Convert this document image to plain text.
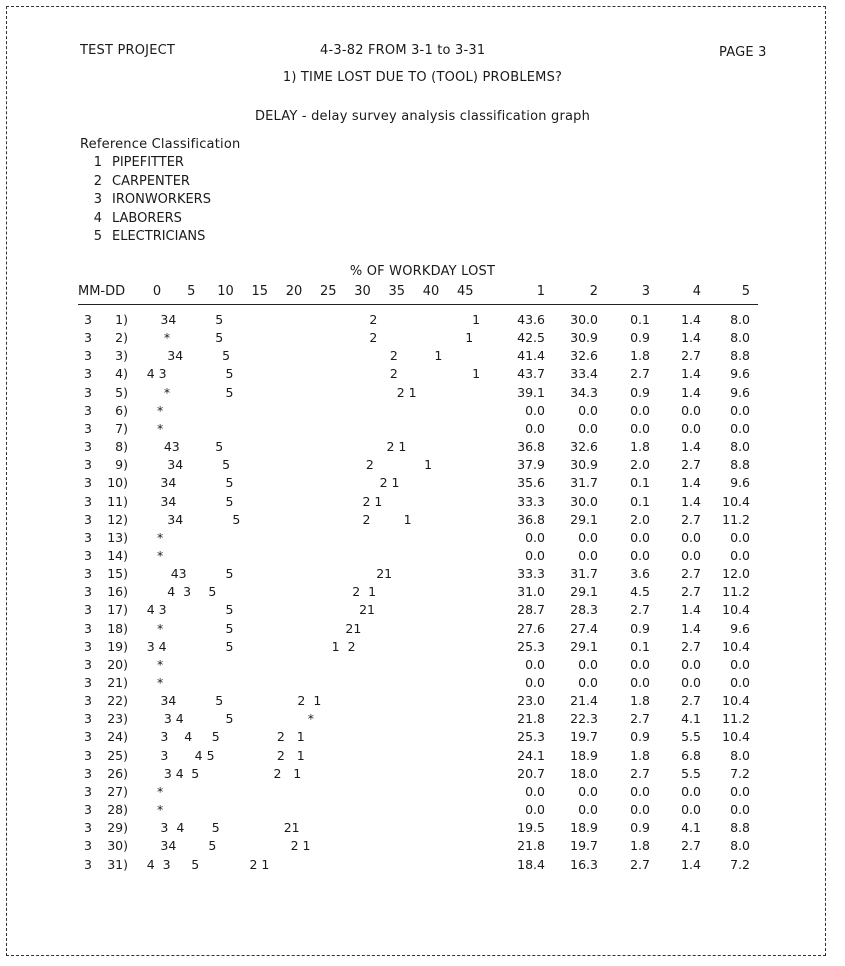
TEST PROJECT	4-3-82 FROM 3-1 to 3-31	PAGE 3
1) TIME LOST DUE TO (TOOL) PROBLEMS?
DELAY - delay survey analysis classification graph
Reference Classification
1 PIPEFITTER
2 CARPENTER
3 IRONWORKERS
4 LABORERS
5 ELECTRICIANS
% OF WORKDAY LOST
MM-DD	0	5	10 15 20 25 30 35 40 45	1	2	3	4	5
3	1)	34	5	2	1	43.6	30.0	0.1	1.4	8.0
3	2)	*	5	2	1	42.5	30.9	0.9	1.4	8.0
3	3)	34	5	2	1	41.4	32.6	1.8	2.7	8.8
3	4) 4 3	5	2	1	43.7	33.4	2.7	1.4	9.6
3	5)	*	5	2 1	39.1	34.3	0.9	1.4	9.6
3	6) *	0.0	0.0	0.0	0.0	0.0
3	7) *	0.0	0.0	0.0	0.0	0.0
3	8)	43	5	2 1	36.8	32.6	1.8	1.4	8.0
3	9)	34	5	2	1	37.9	30.9	2.0	2.7	8.8
3	10)	34	5	2 1	35.6	31.7	0.1	1.4	9.6
3	11)	34	5	2 1	33.3	30.0	0.1	1.4	10.4
3	12)	34	5	2	1	36.8	29.1	2.0	2.7	11.2
3	13) *	0.0	0.0	0.0	0.0	0.0
3	14) *	0.0	0.0	0.0	0.0	0.0
3	15)	43	5	21	33.3	31.7	3.6	2.7	12.0
3	16)	4  3 5	2  1	31.0	29.1	4.5	2.7	11.2
3	17) 4 3	5	21	28.7	28.3	2.7	1.4	10.4
3	18) *	5	21	27.6	27.4	0.9	1.4	9.6
3	19) 3 4	5	1  2	25.3	29.1	0.1	2.7	10.4
3	20) *	0.0	0.0	0.0	0.0	0.0
3	21) *	0.0	0.0	0.0	0.0	0.0
3	22)	34	5	2  1	23.0	21.4	1.8	2.7	10.4
3	23)	3 4	5	*	21.8	22.3	2.7	4.1	11.2
3	24)	3    4 5	2   1	25.3	19.7	0.9	5.5	10.4
3	25)	3 4 5	2   1	24.1	18.9	1.8	6.8	8.0
3	26)	3 4 5	2   1	20.7	18.0	2.7	5.5	7.2
3	27) *	0.0	0.0	0.0	0.0	0.0
3	28) *	0.0	0.0	0.0	0.0	0.0
3	29)	3  4 5	21	19.5	18.9	0.9	4.1	8.8
3	30)	34	5	2 1	21.8	19.7	1.8	2.7	8.0
3	31) 4  3 5	2 1	18.4	16.3	2.7	1.4	7.2
